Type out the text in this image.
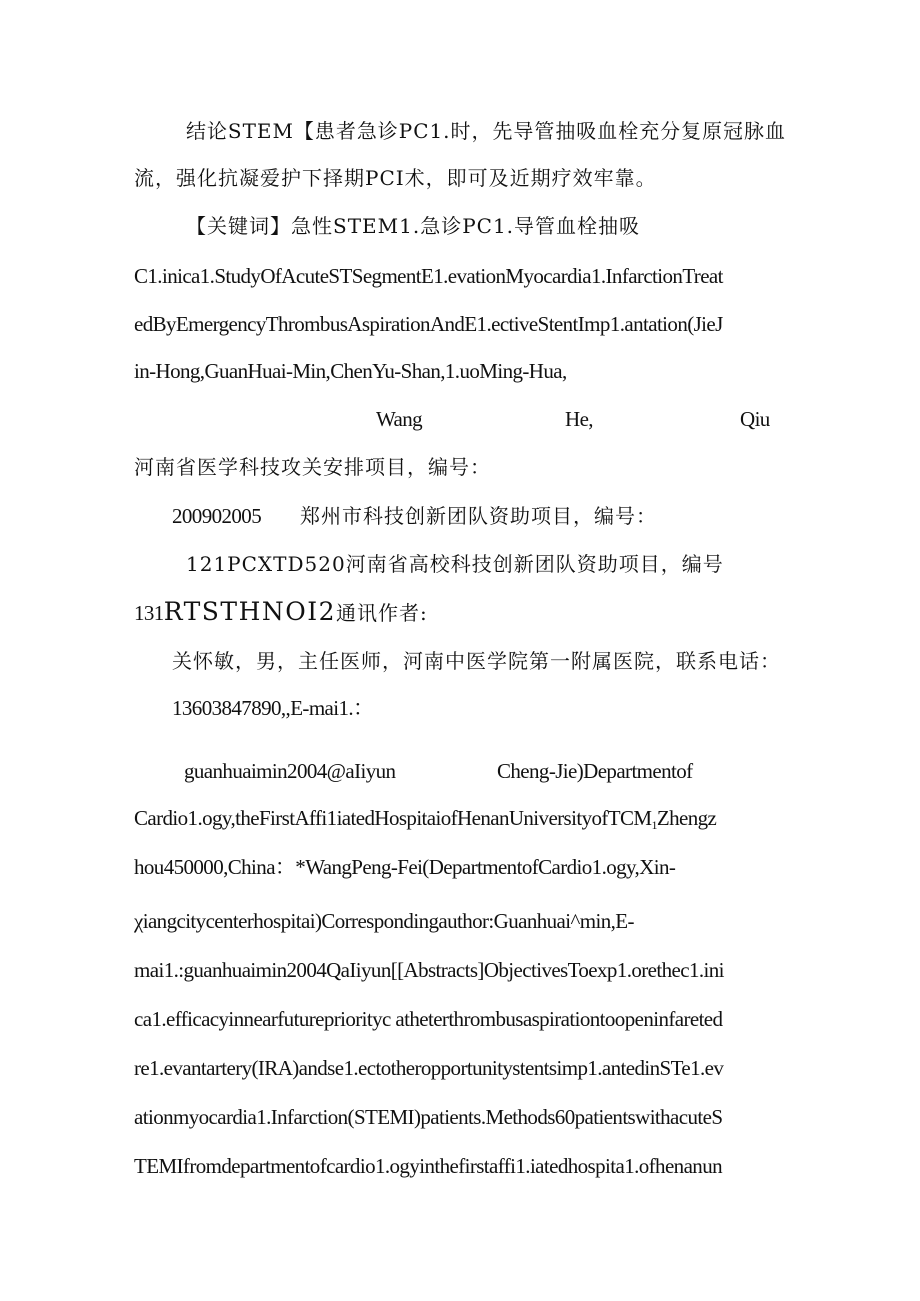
结论STEM【患者急诊PC1.时，先导管抽吸血栓充分复原冠脉血
流，强化抗凝爱护下择期PCI术，即可及近期疗效牢靠。
【关键词】急性STEM1.急诊PC1.导管血栓抽吸
C1.inica1.StudyOfAcuteSTSegmentE1.evationMyocardia1.InfarctionTreat
edByEmergencyThrombusAspirationAndE1.ectiveStentImp1.antation(JieJ
in-Hong,GuanHuai-Min,ChenYu-Shan,1.uoMing-Hua,
Wang	He,	Qiu
河南省医学科技攻关安排项目，编号：
200902005 郑州市科技创新团队资助项目，编号：
121PCXTD520河南省高校科技创新团队资助项目，编号
131RTSTHNOI2通讯作者:
关怀敏，男，主任医师，河南中医学院第一附属医院，联系电话：
13603847890,,E-mai1.：
guanhuaimin2004@aIiyun	Cheng-Jie)Departmentof
Cardio1.ogy,theFirstAffi1iatedHospitaiofHenanUniversityofTCM$_1$Zhengz
hou450000,China：*WangPeng-Fei(DepartmentofCardio1.ogy,Xin-
χiangcitycenterhospitai)Correspondingauthor:Guanhuai^min,E-
mai1.:guanhuaimin2004QaIiyun[[Abstracts]ObjectivesToexp1.orethec1.ini
ca1.efficacyinnearfuturepriorityc atheterthrombusaspirationtoopeninfareted
re1.evantartery(IRA)andse1.ectotheropportunitystentsimp1.antedinSTe1.ev
ationmyocardia1.Infarction(STEMI)patients.Methods60patientswithacuteS
TEMIfromdepartmentofcardio1.ogyinthefirstaffi1.iatedhospita1.ofhenanun
